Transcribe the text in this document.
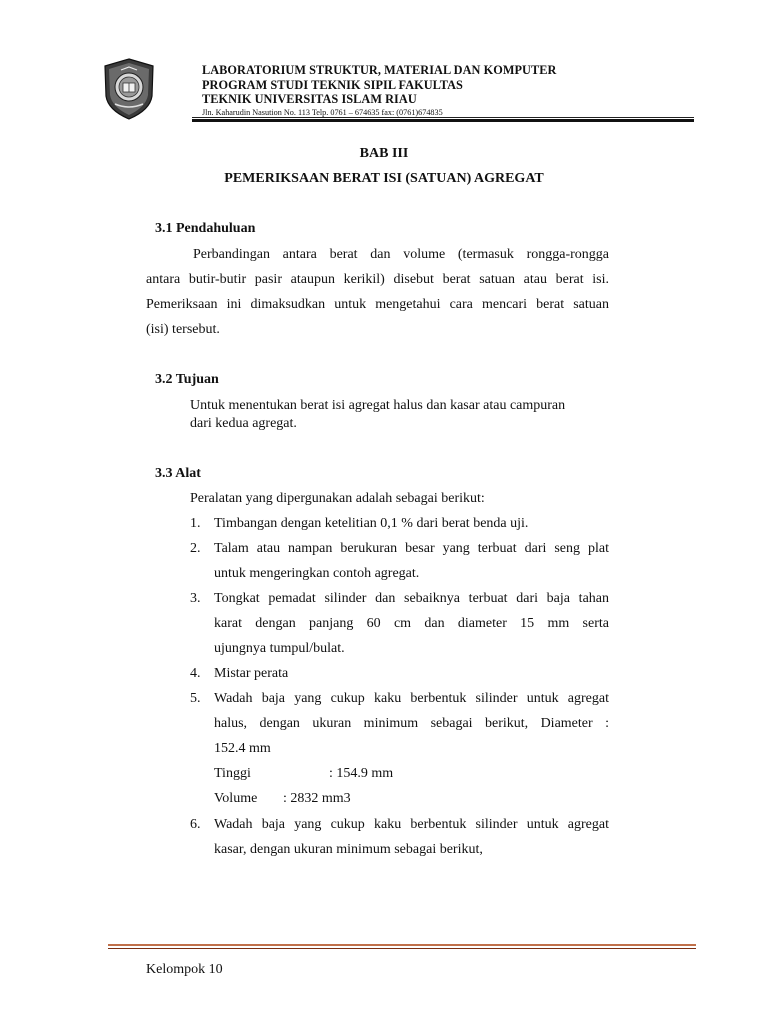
LABORATORIUM STRUKTUR, MATERIAL DAN KOMPUTER
PROGRAM STUDI TEKNIK SIPIL FAKULTAS
TEKNIK UNIVERSITAS ISLAM RIAU
Jln. Kaharudin Nasution No. 113 Telp. 0761 – 674635 fax: (0761)674835
BAB III
PEMERIKSAAN BERAT ISI (SATUAN) AGREGAT
3.1 Pendahuluan
Perbandingan antara berat dan volume (termasuk rongga-rongga
antara butir-butir pasir ataupun kerikil) disebut berat satuan atau berat isi.
Pemeriksaan ini dimaksudkan untuk mengetahui cara mencari berat satuan
(isi) tersebut.
3.2 Tujuan
Untuk menentukan berat isi agregat halus dan kasar atau campuran
dari kedua agregat.
3.3 Alat
Peralatan yang dipergunakan adalah sebagai berikut:
1. Timbangan dengan ketelitian 0,1 % dari berat benda uji.
2. Talam atau nampan berukuran besar yang terbuat dari seng plat
untuk mengeringkan contoh agregat.
3. Tongkat pemadat silinder dan sebaiknya terbuat dari baja tahan
karat dengan panjang 60 cm dan diameter 15 mm serta
ujungnya tumpul/bulat.
4. Mistar perata
5. Wadah baja yang cukup kaku berbentuk silinder untuk agregat
halus, dengan ukuran minimum sebagai berikut, Diameter :
152.4 mm
Tinggi	: 154.9 mm
Volume : 2832 mm3
6. Wadah baja yang cukup kaku berbentuk silinder untuk agregat
kasar, dengan ukuran minimum sebagai berikut,
Kelompok 10
